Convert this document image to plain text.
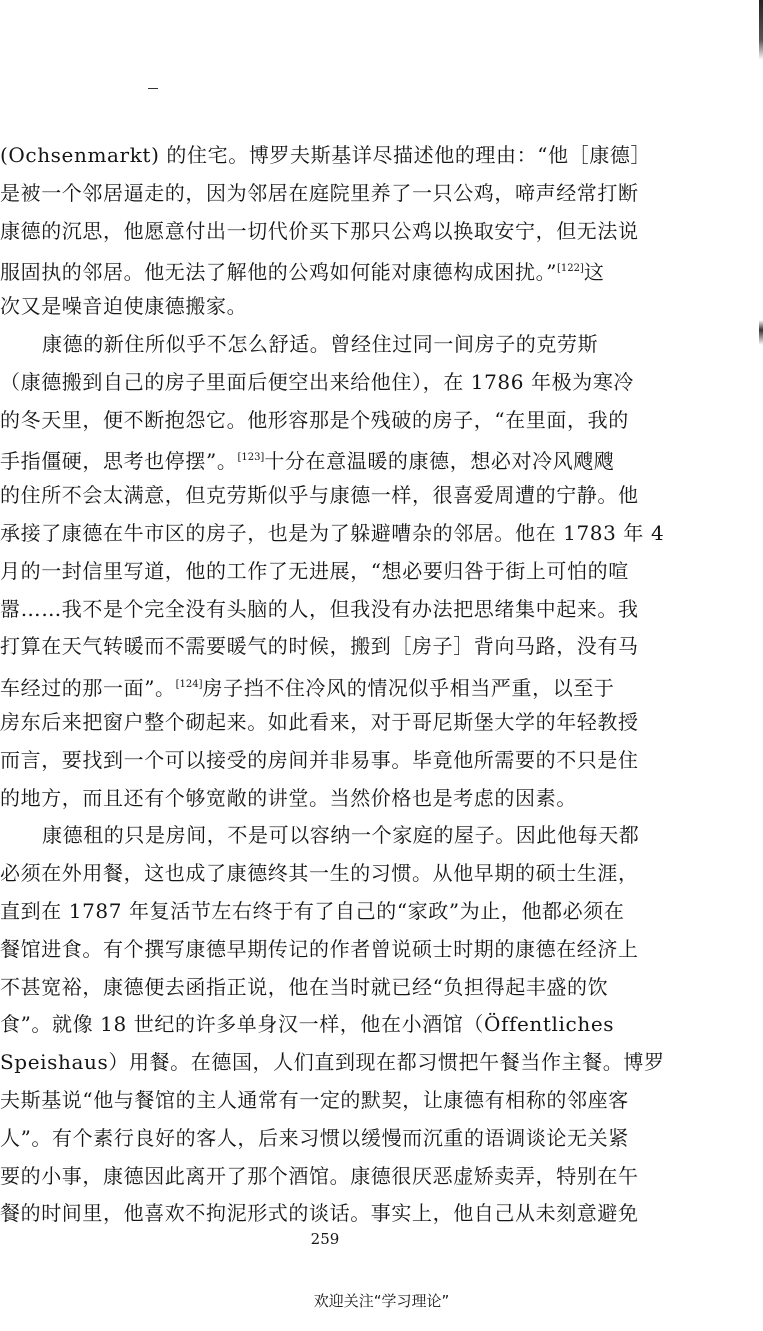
(Ochsenmarkt) 的住宅。博罗夫斯基详尽描述他的理由：“他［康德］
是被一个邻居逼走的，因为邻居在庭院里养了一只公鸡，啼声经常打断
康德的沉思，他愿意付出一切代价买下那只公鸡以换取安宁，但无法说
服固执的邻居。他无法了解他的公鸡如何能对康德构成困扰。”[122]这
次又是噪音迫使康德搬家。
康德的新住所似乎不怎么舒适。曾经住过同一间房子的克劳斯
（康德搬到自己的房子里面后便空出来给他住），在 1786 年极为寒冷
的冬天里，便不断抱怨它。他形容那是个残破的房子，“在里面，我的
手指僵硬，思考也停摆”。[123]十分在意温暖的康德，想必对冷风飕飕
的住所不会太满意，但克劳斯似乎与康德一样，很喜爱周遭的宁静。他
承接了康德在牛市区的房子，也是为了躲避嘈杂的邻居。他在 1783 年 4
月的一封信里写道，他的工作了无进展，“想必要归咎于街上可怕的喧
嚣……我不是个完全没有头脑的人，但我没有办法把思绪集中起来。我
打算在天气转暖而不需要暖气的时候，搬到［房子］背向马路，没有马
车经过的那一面”。[124]房子挡不住冷风的情况似乎相当严重，以至于
房东后来把窗户整个砌起来。如此看来，对于哥尼斯堡大学的年轻教授
而言，要找到一个可以接受的房间并非易事。毕竟他所需要的不只是住
的地方，而且还有个够宽敞的讲堂。当然价格也是考虑的因素。
康德租的只是房间，不是可以容纳一个家庭的屋子。因此他每天都
必须在外用餐，这也成了康德终其一生的习惯。从他早期的硕士生涯，
直到在 1787 年复活节左右终于有了自己的“家政”为止，他都必须在
餐馆进食。有个撰写康德早期传记的作者曾说硕士时期的康德在经济上
不甚宽裕，康德便去函指正说，他在当时就已经“负担得起丰盛的饮
食”。就像 18 世纪的许多单身汉一样，他在小酒馆（Öffentliches
Speishaus）用餐。在德国，人们直到现在都习惯把午餐当作主餐。博罗
夫斯基说“他与餐馆的主人通常有一定的默契，让康德有相称的邻座客
人”。有个素行良好的客人，后来习惯以缓慢而沉重的语调谈论无关紧
要的小事，康德因此离开了那个酒馆。康德很厌恶虚矫卖弄，特别在午
餐的时间里，他喜欢不拘泥形式的谈话。事实上，他自己从未刻意避免
259
欢迎关注“学习理论”
